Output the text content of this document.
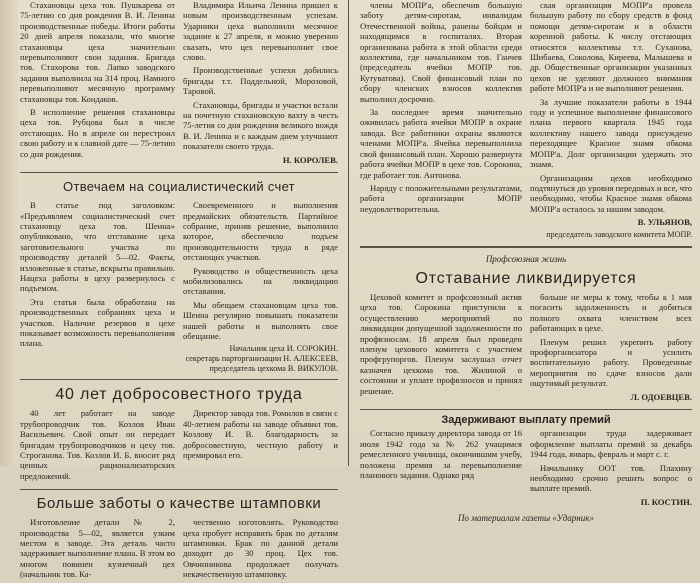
Стахановцы цеха тов. Пушкарева от 75-летию со дня рождения В. И. Ленина производственные победы. Итоги работы 20 дней апреля показали, что многие стахановцы цеха значительно перевыполняют свои задания. Бригада тов. Стахорова тов. Лапко заводского задания выполнила на 314 проц. Намного перевыполняют месячную программу стахановцы тов. Кондаков.

В исполнение решения стахановцы цеха тов. Рубцова был в числе отстающих. Но в апреле он перестроил свою работу и к славной дате — 75-летию со дня рождения.

Владимира Ильича Ленина пришел к новым производственным успехам. Ударники цеха выполнили месячное задание к 27 апреля, и можно уверенно сказать, что цех перевыполнит свое слово.

Производственные успехи добились бригады т.т. Поддельной, Морозовой, Таровой.

Стахановцы, бригады и участки встали на почетную стахановскую вахту в честь 75-летия со дня рождения великого вождя В. И. Ленина и с каждым днем улучшают показатели своего труда.

Н. КОРОЛЕВ.
Отвечаем на социалистический счет

В статье под заголовком: «Предъявляем социалистический счет стахановцу цеха тов. Шеина» опубликовано, что отставание цеха заготовительного участка по производству деталей 5—02. Факты, изложенные в статье, вскрыты правильно. Нацеха работы в цеху развернулось с подъемом.

Эта статья была обработана на производственных собраниях цеха и участков. Наличие резервов в цехе показывает возможность перевыполнения плана.

Своевременного и выполнения предмайских обязательств. Партийное собрание, приняв решение, выполнило которое, обеспечило подъем производительности труда в ряде отстающих участков.

Руководство и общественность цеха мобилизовались на ликвидацию отставания.

Мы обещаем стахановцам цеха тов. Шеина регулярно повышать показатели нашей работы и выполнять свое обещание.

Начальник цеха И. СОРОКИН.
секретарь парторганизации Н. АЛЕКСЕЕВ,
председатель цехкома В. ВИКУЛОВ.
40 лет добросовестного труда

40 лет работает на заводе трубопроводчик тов. Козлов Иван Васильевич. Свой опыт он передает бригадам трубопроводчиков и цеху тов. Строганова. Тов. Козлов И. Б. вносит ряд ценных рационализаторских предложений.

Директор завода тов. Ромилов в связи с 40-летием работы на заводе объявил тов. Козлову И. В. благодарность за добросовестную, честную работу и премировал его.

Больше заботы о качестве штамповки

Изготовление детали № 2, производства 5—02, является узким местом в заводе. Эта деталь часто задерживает выполнение плана. В этом во многом повинен кузнечный цех (начальник тов. Ка-

чественно изготовлять. Руководство цеха пробует исправить брак по деталям штамповки. Брак по данной детали доходит до 30 проц. Цех тов. Овчинникова продолжает получать некачественную штамповку.

члены МОПР'а, обеспечив большую заботу детям-сиротам, инвалидам Отечественной войны, ранены бойцам и находящимся в госпиталях. Вторая организована работа в этой области среди коллектива, где начальником тов. Ганчев (председатель ячейки МОПР тов. Кутуватова). Свой финансовый план по сбору членских взносов коллектив выполнил досрочно.

За последнее время значительно оживилась работа ячейки МОПР в охране завода. Все работники охраны являются членами МОПР'а. Ячейка перевыполнила свой финансовый план. Хорошо развернута работа ячейки МОПР в цехе тов. Сорокина, где работает тов. Антонова.

Наряду с положительными результатами, работа организации МОПР неудовлетворительна.

ская организация МОПР'а провела большую работу по сбору средств в фонд помощи детям-сиротам и в области коренной работы. К числу отстающих относятся коллективы т.т. Суханова, Шибаева, Соколова, Киреева, Малышева и др. Общественные организации указанных цехов не уделяют должного внимания работе МОПР'а и не выполняют решения.

За лучшие показатели работы в 1944 году и успешное выполнение финансового плана первого квартала 1945 года коллективу нашего завода присуждено переходящее Красное знамя обкома МОПР'а. Долг организации удержать это знамя.

Организациям цехов необходимо подтянуться до уровня передовых и все, что необходимо, чтобы Красное знамя обкома МОПР'а осталось за нашим заводом.

В. УЛЬЯНОВ,
председатель заводского комитета МОПР.
Профсоюзная жизнь
Отставание ликвидируется

Цеховой комитет и профсоюзный актив цеха тов. Сорокина приступили к осуществлению мероприятий по ликвидации допущенной задолженности по профвзносам. 18 апреля был проведен пленум цехового комитета с участием профгрупоргов. Пленум заслушал отчет казначея цехкома тов. Жилиной о состоянии и уплате профвзносов и принял решение.

больше не меры к тому, чтобы к 1 мая погасить задолженность и добиться полного охвата членством всех работающих в цехе.

Пленум решил укрепить работу профорганизатора и усилить воспитательную работу. Проведенные мероприятия по сдаче взносов дали ощутимый результат.

Л. ОДОЕВЦЕВ.
Задерживают выплату премий

Согласно приказу директора завода от 16 июля 1942 года за № 262 учащимся ремесленного училища, окончившим учебу, положена премия за перевыполнение планового задания. Однако ряд

организации труда задерживает оформление выплаты премий за декабрь 1944 года, январь, февраль и март с. г.

Начальнику ООТ тов. Плахину необходимо срочно решить вопрос о выплате премий.

П. КОСТИН.
По материалам газеты «Ударник»
